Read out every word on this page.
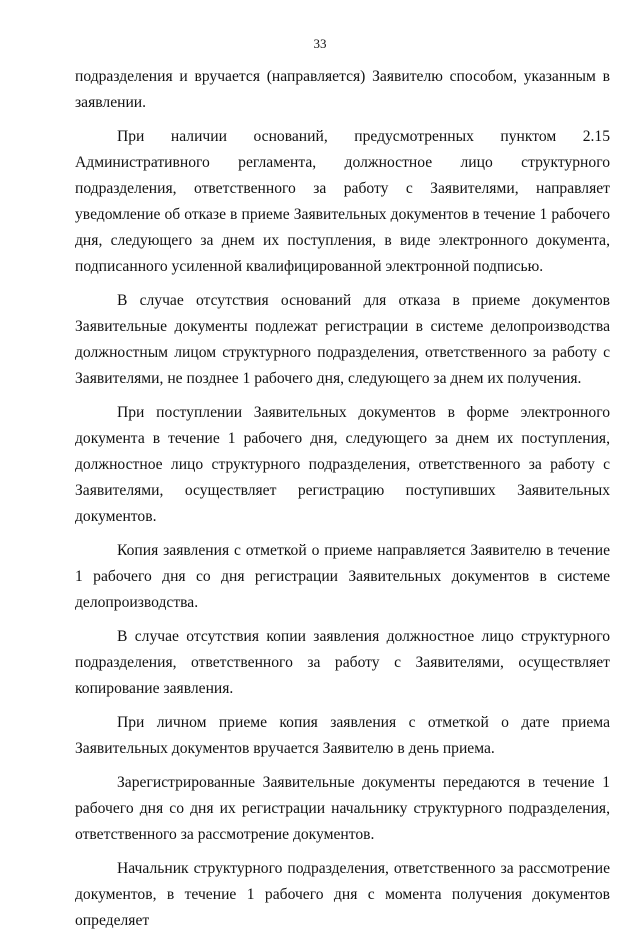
33

подразделения и вручается (направляется) Заявителю способом, указанным в заявлении.

При наличии оснований, предусмотренных пунктом 2.15 Административного регламента, должностное лицо структурного подразделения, ответственного за работу с Заявителями, направляет уведомление об отказе в приеме Заявительных документов в течение 1 рабочего дня, следующего за днем их поступления, в виде электронного документа, подписанного усиленной квалифицированной электронной подписью.

В случае отсутствия оснований для отказа в приеме документов Заявительные документы подлежат регистрации в системе делопроизводства должностным лицом структурного подразделения, ответственного за работу с Заявителями, не позднее 1 рабочего дня, следующего за днем их получения.

При поступлении Заявительных документов в форме электронного документа в течение 1 рабочего дня, следующего за днем их поступления, должностное лицо структурного подразделения, ответственного за работу с Заявителями, осуществляет регистрацию поступивших Заявительных документов.

Копия заявления с отметкой о приеме направляется Заявителю в течение 1 рабочего дня со дня регистрации Заявительных документов в системе делопроизводства.

В случае отсутствия копии заявления должностное лицо структурного подразделения, ответственного за работу с Заявителями, осуществляет копирование заявления.

При личном приеме копия заявления с отметкой о дате приема Заявительных документов вручается Заявителю в день приема.

Зарегистрированные Заявительные документы передаются в течение 1 рабочего дня со дня их регистрации начальнику структурного подразделения, ответственного за рассмотрение документов.

Начальник структурного подразделения, ответственного за рассмотрение документов, в течение 1 рабочего дня с момента получения документов определяет
